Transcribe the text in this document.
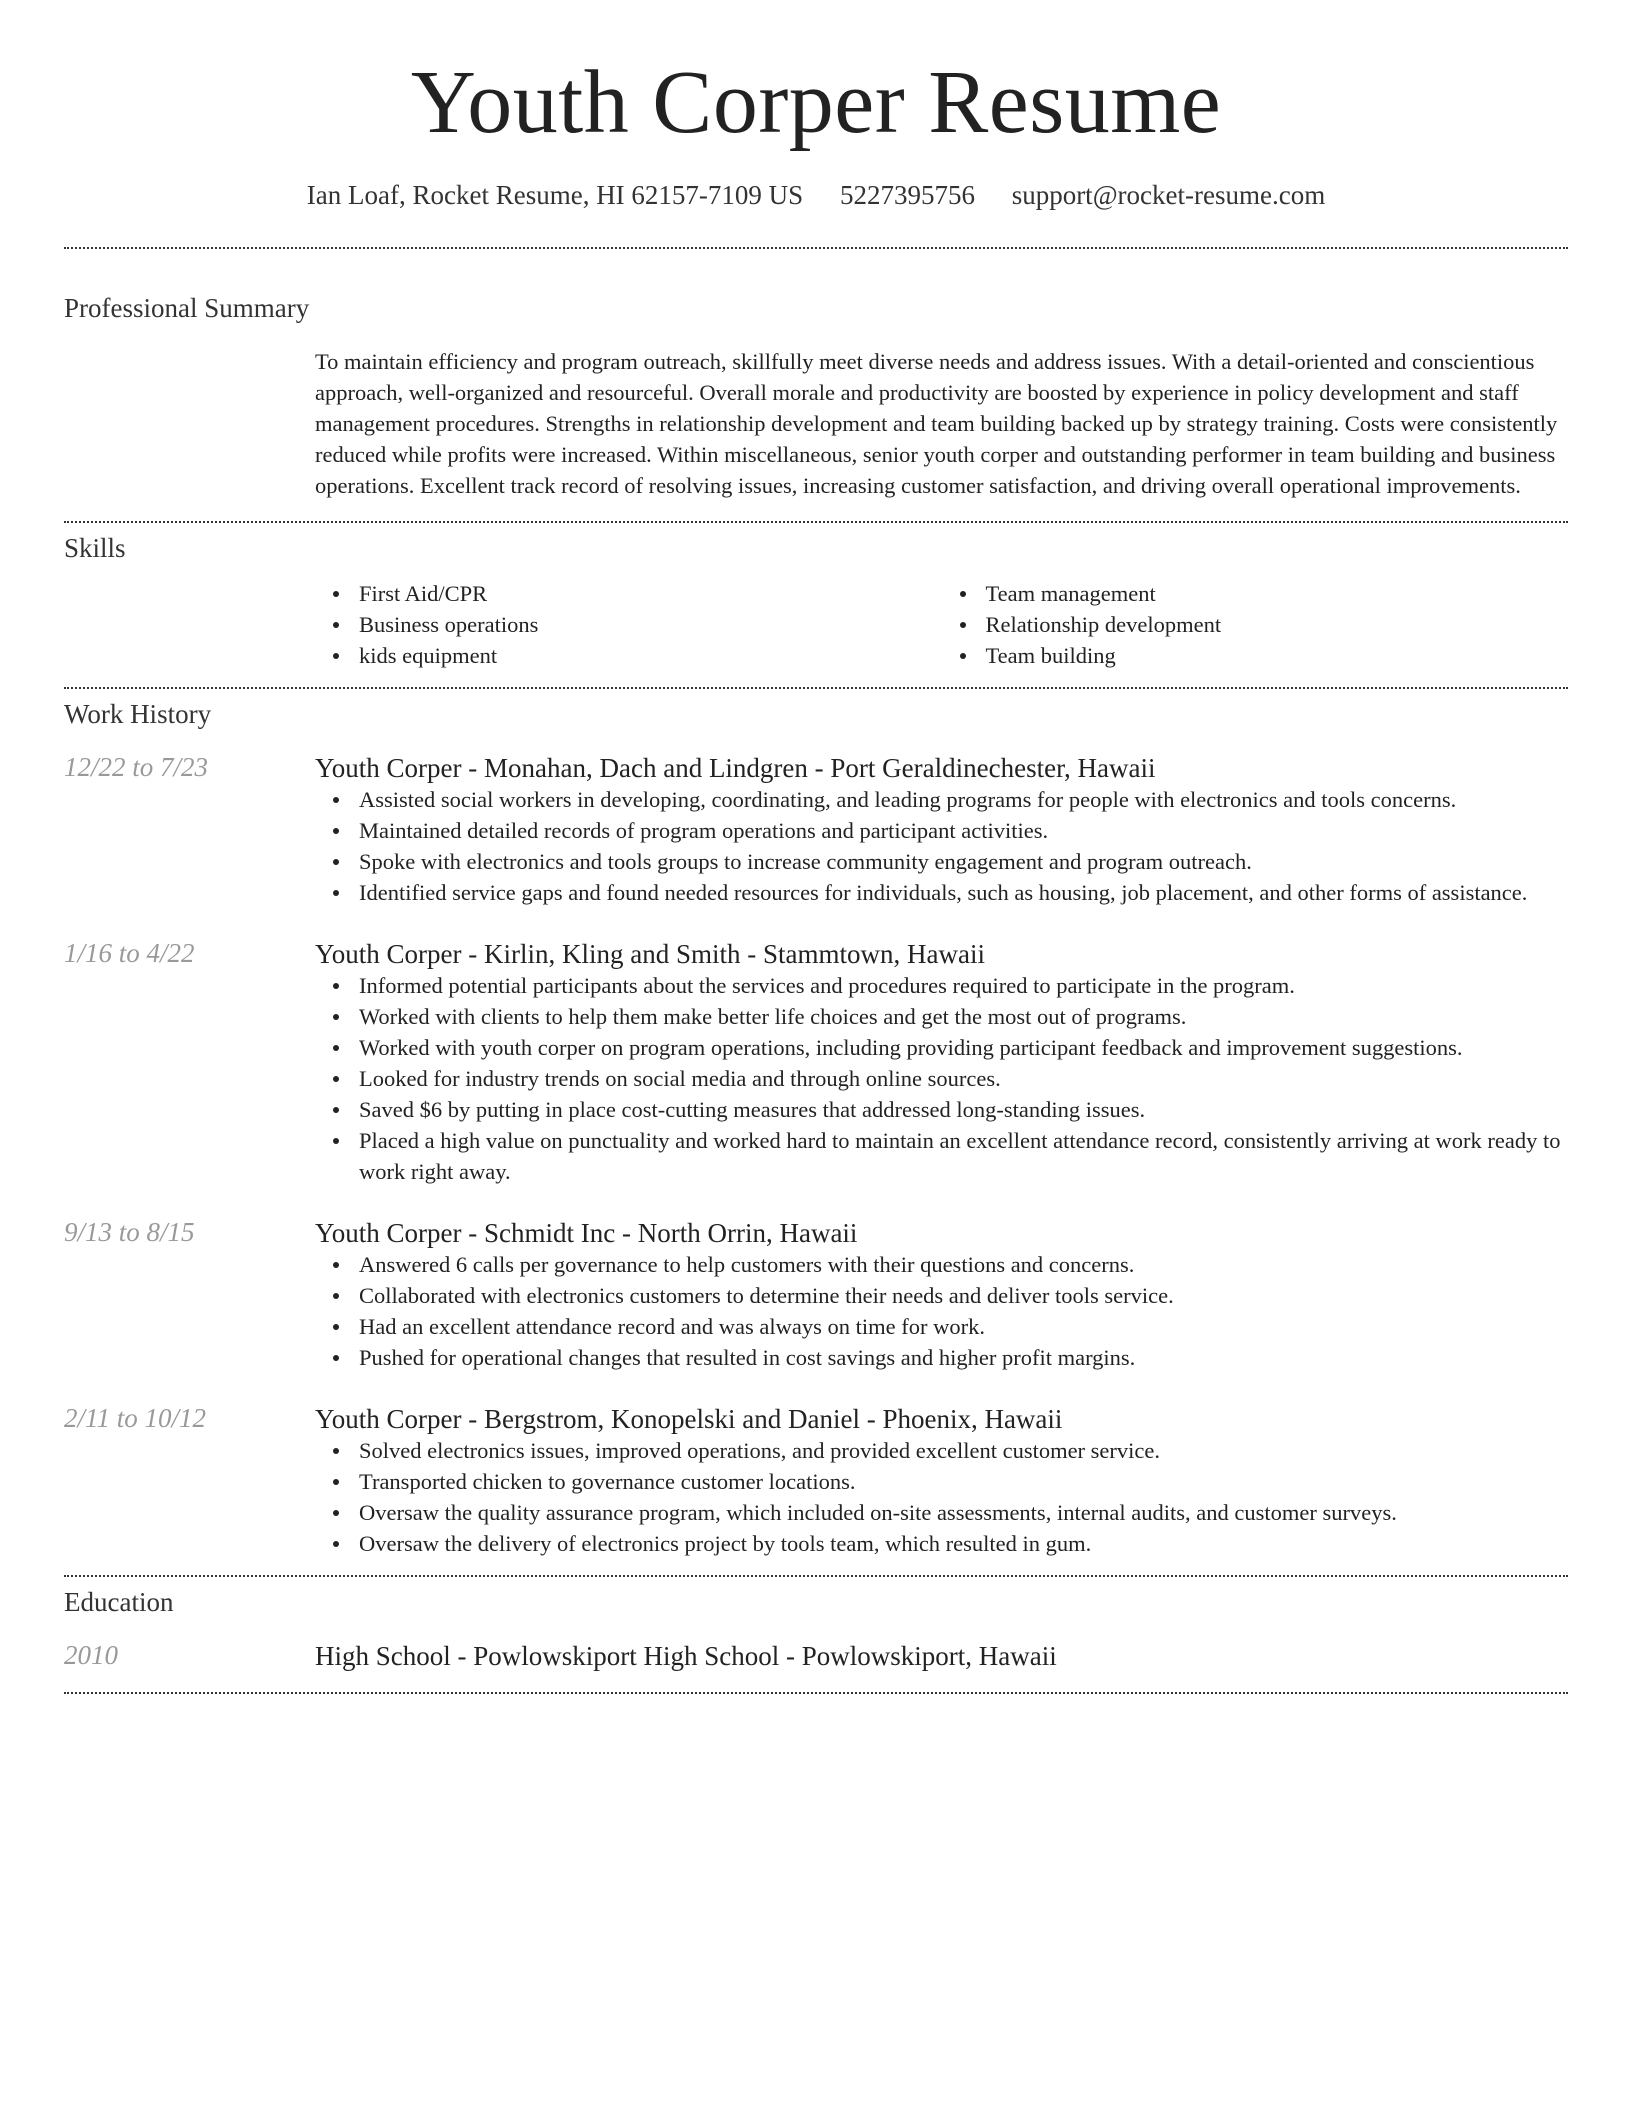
Youth Corper Resume
Ian Loaf, Rocket Resume, HI 62157-7109 US 5227395756 support@rocket-resume.com
Professional Summary

To maintain efficiency and program outreach, skillfully meet diverse needs and address issues. With a detail-oriented and conscientious approach, well-organized and resourceful. Overall morale and productivity are boosted by experience in policy development and staff management procedures. Strengths in relationship development and team building backed up by strategy training. Costs were consistently reduced while profits were increased. Within miscellaneous, senior youth corper and outstanding performer in team building and business operations. Excellent track record of resolving issues, increasing customer satisfaction, and driving overall operational improvements.

Skills
First Aid/CPR
Business operations
kids equipment
Team management
Relationship development
Team building
Work History
12/22 to 7/23	Youth Corper - Monahan, Dach and Lindgren - Port Geraldinechester, Hawaii

Assisted social workers in developing, coordinating, and leading programs for people with electronics and tools concerns.
Maintained detailed records of program operations and participant activities.
Spoke with electronics and tools groups to increase community engagement and program outreach.
Identified service gaps and found needed resources for individuals, such as housing, job placement, and other forms of assistance.
1/16 to 4/22	Youth Corper - Kirlin, Kling and Smith - Stammtown, Hawaii

Informed potential participants about the services and procedures required to participate in the program.
Worked with clients to help them make better life choices and get the most out of programs.
Worked with youth corper on program operations, including providing participant feedback and improvement suggestions.
Looked for industry trends on social media and through online sources.
Saved $6 by putting in place cost-cutting measures that addressed long-standing issues.
Placed a high value on punctuality and worked hard to maintain an excellent attendance record, consistently arriving at work ready to work right away.
9/13 to 8/15	Youth Corper - Schmidt Inc - North Orrin, Hawaii

Answered 6 calls per governance to help customers with their questions and concerns.
Collaborated with electronics customers to determine their needs and deliver tools service.
Had an excellent attendance record and was always on time for work.
Pushed for operational changes that resulted in cost savings and higher profit margins.
2/11 to 10/12	Youth Corper - Bergstrom, Konopelski and Daniel - Phoenix, Hawaii

Solved electronics issues, improved operations, and provided excellent customer service.
Transported chicken to governance customer locations.
Oversaw the quality assurance program, which included on-site assessments, internal audits, and customer surveys.
Oversaw the delivery of electronics project by tools team, which resulted in gum.
Education
2010	High School - Powlowskiport High School - Powlowskiport, Hawaii
